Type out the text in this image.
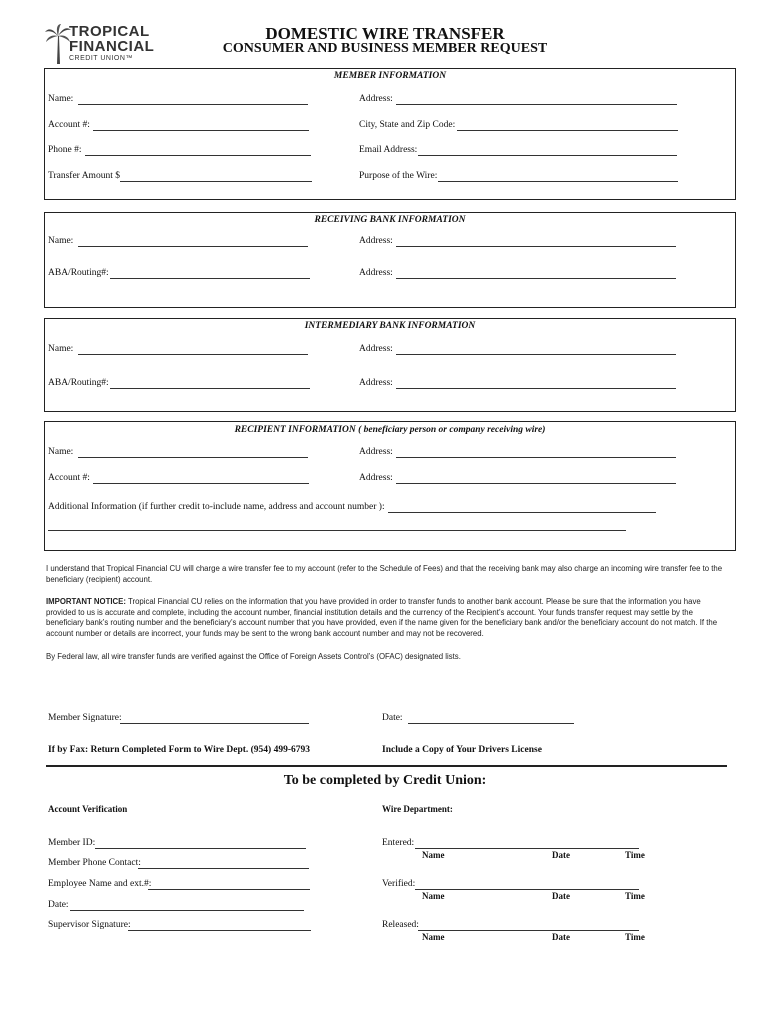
TROPICAL
FINANCIAL
CREDIT UNION™
DOMESTIC WIRE TRANSFER
CONSUMER AND BUSINESS MEMBER REQUEST
MEMBER INFORMATION
Name:	Address:
Account #:	City, State and Zip Code:
Phone #:	Email Address:
Transfer Amount $	Purpose of the Wire:
RECEIVING BANK INFORMATION
Name:	Address:
ABA/Routing#:	Address:
INTERMEDIARY BANK INFORMATION
Name:	Address:
ABA/Routing#:	Address:
RECIPIENT INFORMATION ( beneficiary person or company receiving wire)
Name:	Address:
Account #:	Address:
Additional Information (if further credit to-include name, address and account number ):
I understand that Tropical Financial CU will charge a wire transfer fee to my account (refer to the Schedule of Fees) and that the receiving bank may also charge an incoming wire transfer fee to the beneficiary (recipient) account.
IMPORTANT NOTICE: Tropical Financial CU relies on the information that you have provided in order to transfer funds to another bank account. Please be sure that the information you have provided to us is accurate and complete, including the account number, financial institution details and the currency of the Recipient’s account. Your funds transfer request may settle by the beneficiary bank’s routing number and the beneficiary’s account number that you have provided, even if the name given for the beneficiary bank and/or the beneficiary account do not match. If the account number or details are incorrect, your funds may be sent to the wrong bank account number and may not be recovered.
By Federal law, all wire transfer funds are verified against the Office of Foreign Assets Control’s (OFAC) designated lists.
Member Signature:	Date:
If by Fax: Return Completed Form to Wire Dept. (954) 499-6793	Include a Copy of Your Drivers License
To be completed by Credit Union:
Account Verification	Wire Department:
Member ID:
Member Phone Contact:
Employee Name and ext.#:
Date:
Supervisor Signature:
Entered:
Name	Date	Time
Verified:
Name	Date	Time
Released:
Name	Date	Time
